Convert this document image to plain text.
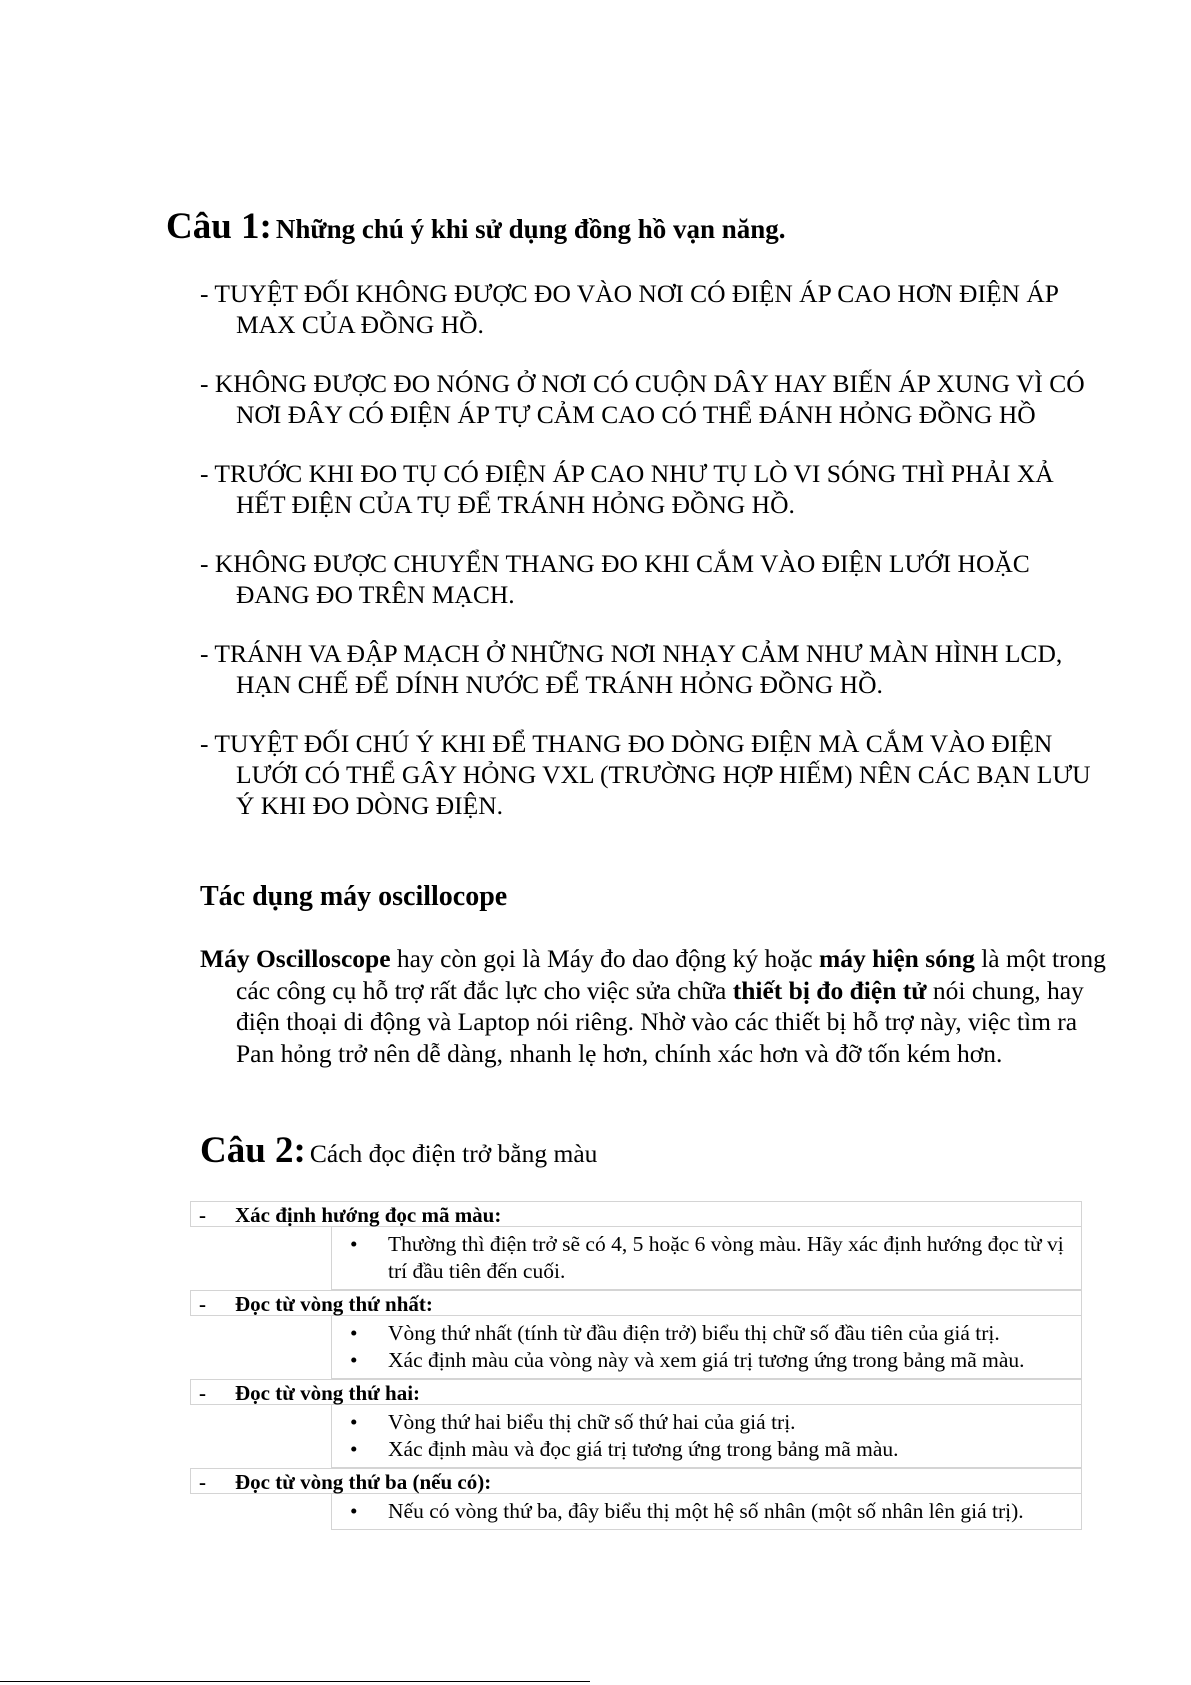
Câu 1: Những chú ý khi sử dụng đồng hồ vạn năng.
- TUYỆT ĐỐI KHÔNG ĐƯỢC ĐO VÀO NƠI CÓ ĐIỆN ÁP CAO HƠN ĐIỆN ÁP MAX CỦA ĐỒNG HỒ.
- KHÔNG ĐƯỢC ĐO NÓNG Ở NƠI CÓ CUỘN DÂY HAY BIẾN ÁP XUNG VÌ CÓ NƠI ĐÂY CÓ ĐIỆN ÁP TỰ CẢM CAO CÓ THỂ ĐÁNH HỎNG ĐỒNG HỒ
- TRƯỚC KHI ĐO TỤ CÓ ĐIỆN ÁP CAO NHƯ TỤ LÒ VI SÓNG THÌ PHẢI XẢ HẾT ĐIỆN CỦA TỤ ĐỂ TRÁNH HỎNG ĐỒNG HỒ.
- KHÔNG ĐƯỢC CHUYỂN THANG ĐO KHI CẮM VÀO ĐIỆN LƯỚI HOẶC ĐANG ĐO TRÊN MẠCH.
- TRÁNH VA ĐẬP MẠCH Ở NHỮNG NƠI NHẠY CẢM NHƯ MÀN HÌNH LCD, HẠN CHẾ ĐỂ DÍNH NƯỚC ĐỂ TRÁNH HỎNG ĐỒNG HỒ.
- TUYỆT ĐỐI CHÚ Ý KHI ĐỂ THANG ĐO DÒNG ĐIỆN MÀ CẮM VÀO ĐIỆN LƯỚI CÓ THỂ GÂY HỎNG VXL (TRƯỜNG HỢP HIẾM) NÊN CÁC BẠN LƯU Ý KHI ĐO DÒNG ĐIỆN.
Tác dụng máy oscillocope
Máy Oscilloscope hay còn gọi là Máy đo dao động ký hoặc máy hiện sóng là một trong các công cụ hỗ trợ rất đắc lực cho việc sửa chữa thiết bị đo điện tử nói chung, hay điện thoại di động và Laptop nói riêng. Nhờ vào các thiết bị hỗ trợ này, việc tìm ra Pan hỏng trở nên dễ dàng, nhanh lẹ hơn, chính xác hơn và đỡ tốn kém hơn.
Câu 2: Cách đọc điện trở bằng màu
- Xác định hướng đọc mã màu:
• Thường thì điện trở sẽ có 4, 5 hoặc 6 vòng màu. Hãy xác định hướng đọc từ vị trí đầu tiên đến cuối.
- Đọc từ vòng thứ nhất:
• Vòng thứ nhất (tính từ đầu điện trở) biểu thị chữ số đầu tiên của giá trị.
• Xác định màu của vòng này và xem giá trị tương ứng trong bảng mã màu.
- Đọc từ vòng thứ hai:
• Vòng thứ hai biểu thị chữ số thứ hai của giá trị.
• Xác định màu và đọc giá trị tương ứng trong bảng mã màu.
- Đọc từ vòng thứ ba (nếu có):
• Nếu có vòng thứ ba, đây biểu thị một hệ số nhân (một số nhân lên giá trị).
